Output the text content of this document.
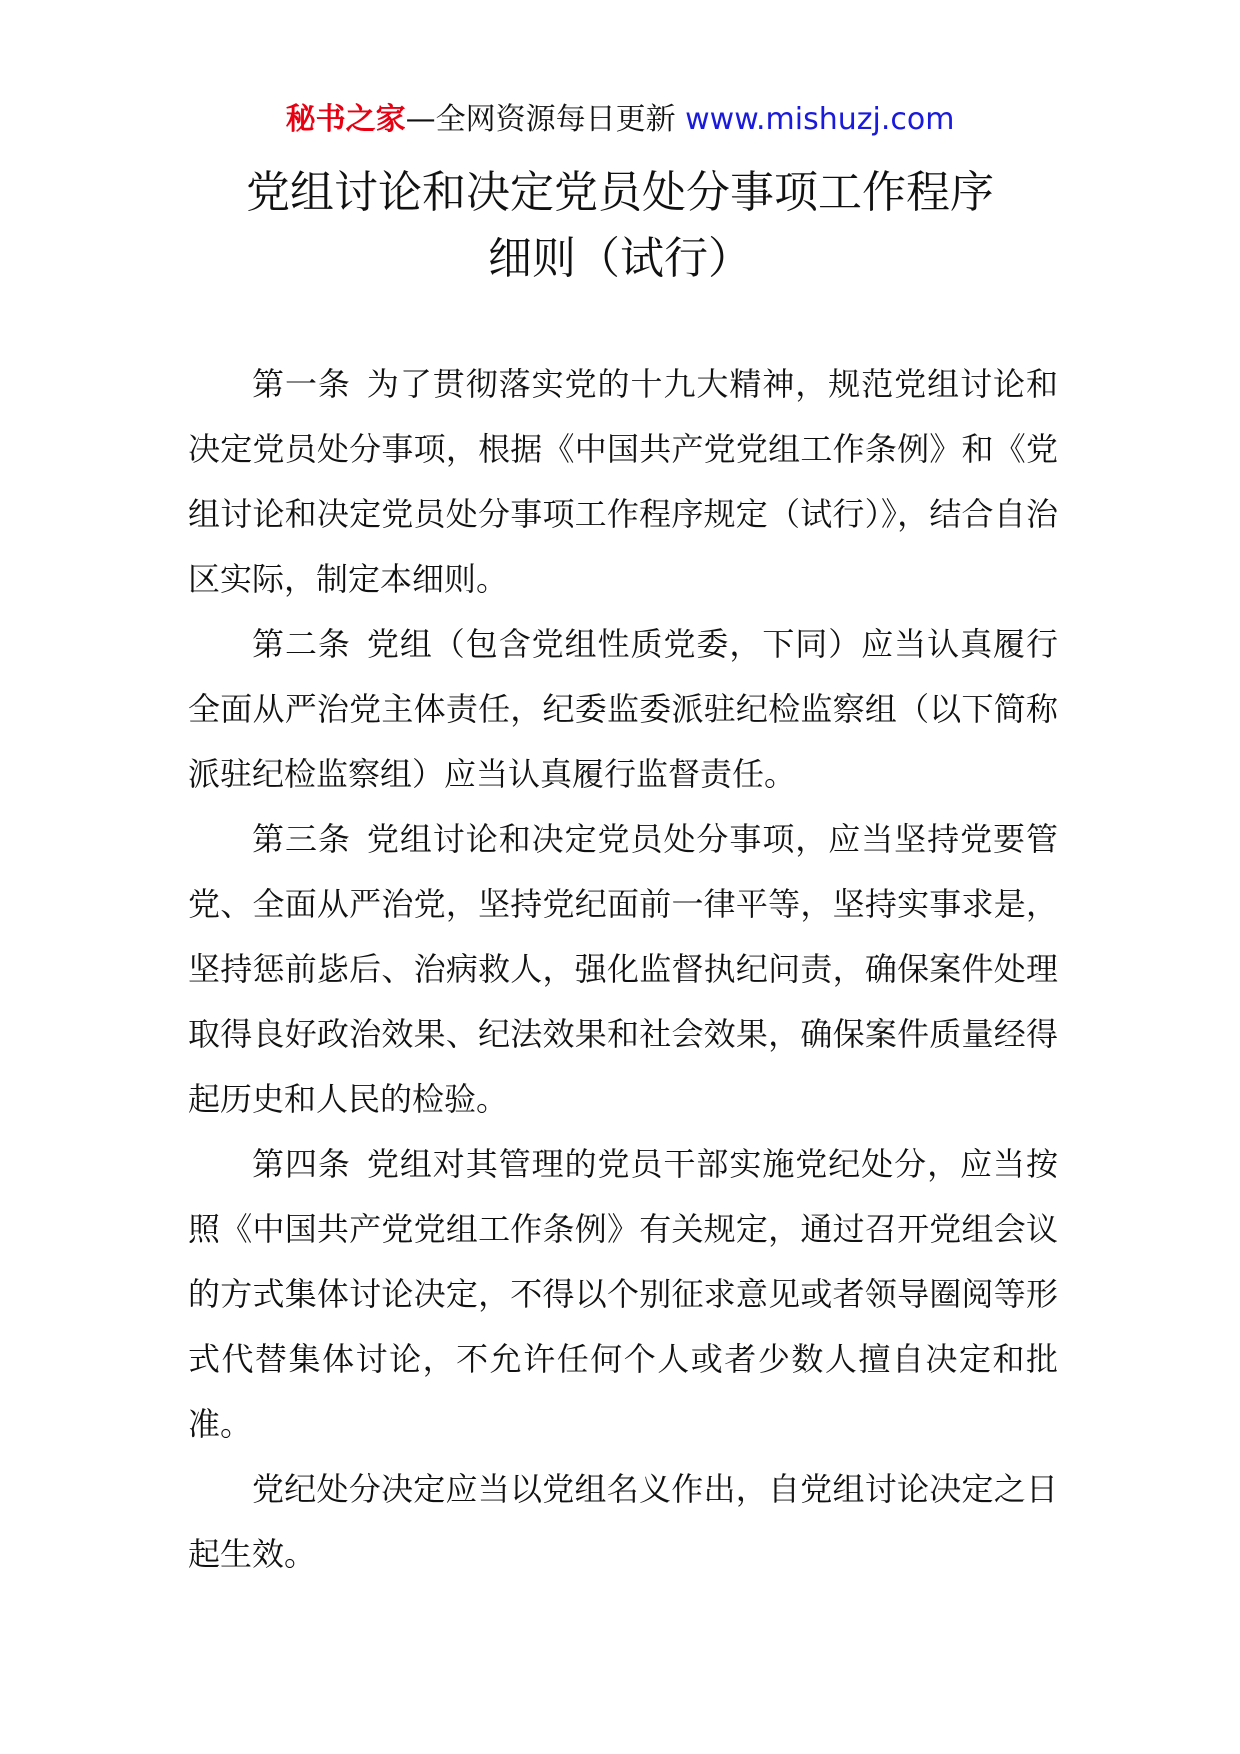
秘书之家—全网资源每日更新 www.mishuzj.com
党组讨论和决定党员处分事项工作程序
细则（试行）

第一条 为了贯彻落实党的十九大精神，规范党组讨论和决定党员处分事项，根据《中国共产党党组工作条例》和《党组讨论和决定党员处分事项工作程序规定（试行）》，结合自治区实际，制定本细则。

第二条 党组（包含党组性质党委，下同）应当认真履行全面从严治党主体责任，纪委监委派驻纪检监察组（以下简称派驻纪检监察组）应当认真履行监督责任。

第三条 党组讨论和决定党员处分事项，应当坚持党要管党、全面从严治党，坚持党纪面前一律平等，坚持实事求是，坚持惩前毖后、治病救人，强化监督执纪问责，确保案件处理取得良好政治效果、纪法效果和社会效果，确保案件质量经得起历史和人民的检验。

第四条 党组对其管理的党员干部实施党纪处分，应当按照《中国共产党党组工作条例》有关规定，通过召开党组会议的方式集体讨论决定，不得以个别征求意见或者领导圈阅等形式代替集体讨论，不允许任何个人或者少数人擅自决定和批准。

党纪处分决定应当以党组名义作出，自党组讨论决定之日起生效。
